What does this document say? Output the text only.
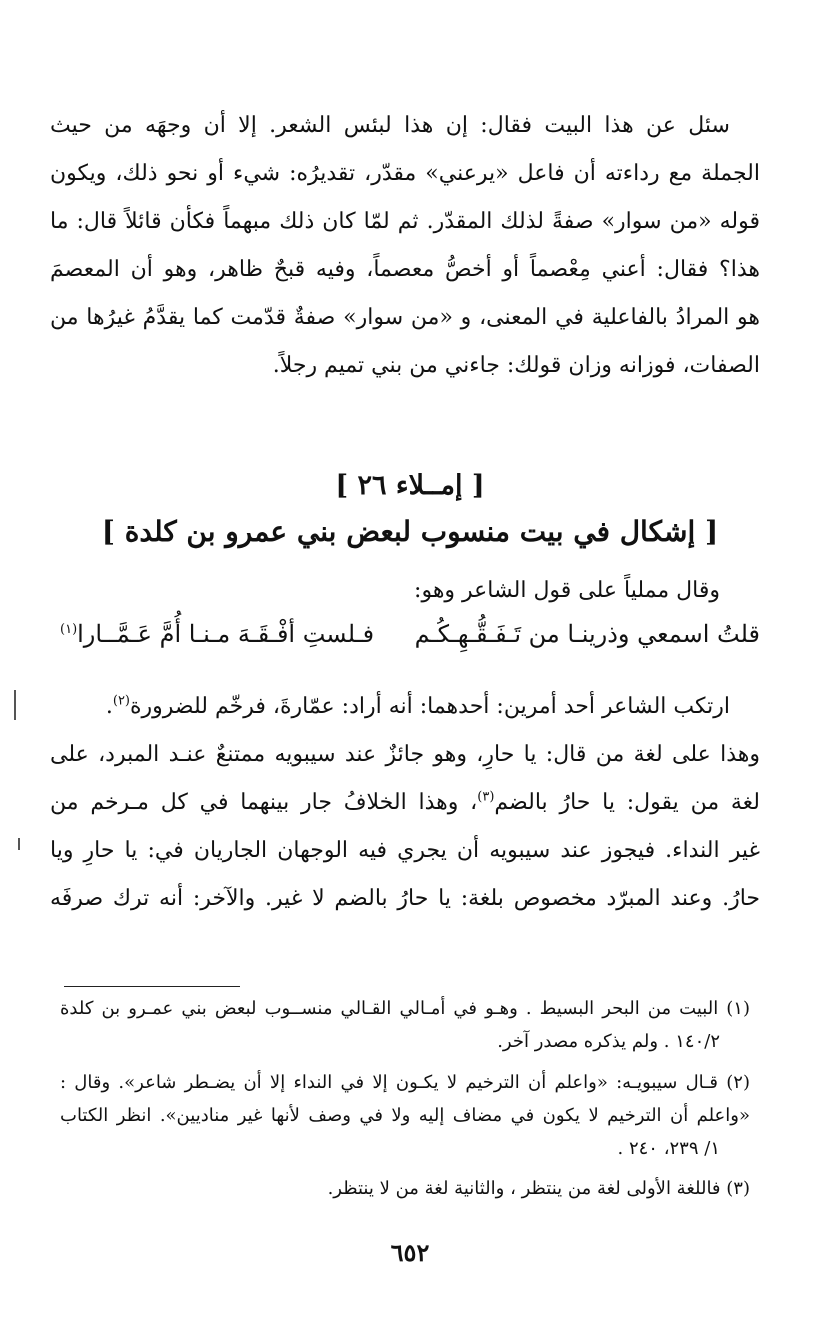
سئل عن هذا البيت فقال: إن هذا لبئس الشعر. إلا أن وجهَه من حيث
الجملة مع رداءته أن فاعل «يرعني» مقدّر، تقديرُه: شيء أو نحو ذلك، ويكون
قوله «من سوار» صفةً لذلك المقدّر. ثم لمّا كان ذلك مبهماً فكأن قائلاً قال: ما
هذا؟ فقال: أعني مِعْصماً أو أخصُّ معصماً، وفيه قبحٌ ظاهر، وهو أن المعصمَ
هو المرادُ بالفاعلية في المعنى، و «من سوار» صفةٌ قدّمت كما يقدَّمُ غيرُها من
الصفات، فوزانه وزان قولك: جاءني من بني تميم رجلاً.
[ إمــلاء ٢٦ ]
[ إشكال في بيت منسوب لبعض بني عمرو بن كلدة ]
وقال مملياً على قول الشاعر وهو:
قلتُ اسمعي وذرينـا من تَـفَـقُّـهِـكُـم
فـلستِ أفْـقَـهَ مـنـا أُمَّ عَـمَّــارا$^{(١)}$
ارتكب الشاعر أحد أمرين: أحدهما: أنه أراد: عمّارةَ، فرخّم للضرورة$^{(٢)}$.
وهذا على لغة من قال: يا حارِ، وهو جائزٌ عند سيبويه ممتنعٌ عنـد المبرد، على
لغة من يقول: يا حارُ بالضم$^{(٣)}$، وهذا الخلافُ جار بينهما في كل مـرخم من
غير النداء. فيجوز عند سيبويه أن يجري فيه الوجهان الجاريان في: يا حارِ ويا
حارُ. وعند المبرّد مخصوص بلغة: يا حارُ بالضم لا غير. والآخر: أنه ترك صرفَه
(١) البيت من البحر البسيط . وهـو في أمـالي القـالي منســوب لبعض بني عمـرو بن كلدة
١٤٠/٢ . ولم يذكره مصدر آخر.
(٢) قـال سيبويـه: «واعلم أن الترخيم لا يكـون إلا في النداء إلا أن يضـطر شاعر». وقال :
«واعلم أن الترخيم لا يكون في مضاف إليه ولا في وصف لأنها غير مناديين». انظر الكتاب
١/ ٢٣٩، ٢٤٠ .
(٣) فاللغة الأولى لغة من ينتظر ، والثانية لغة من لا ينتظر.
٦٥٢
